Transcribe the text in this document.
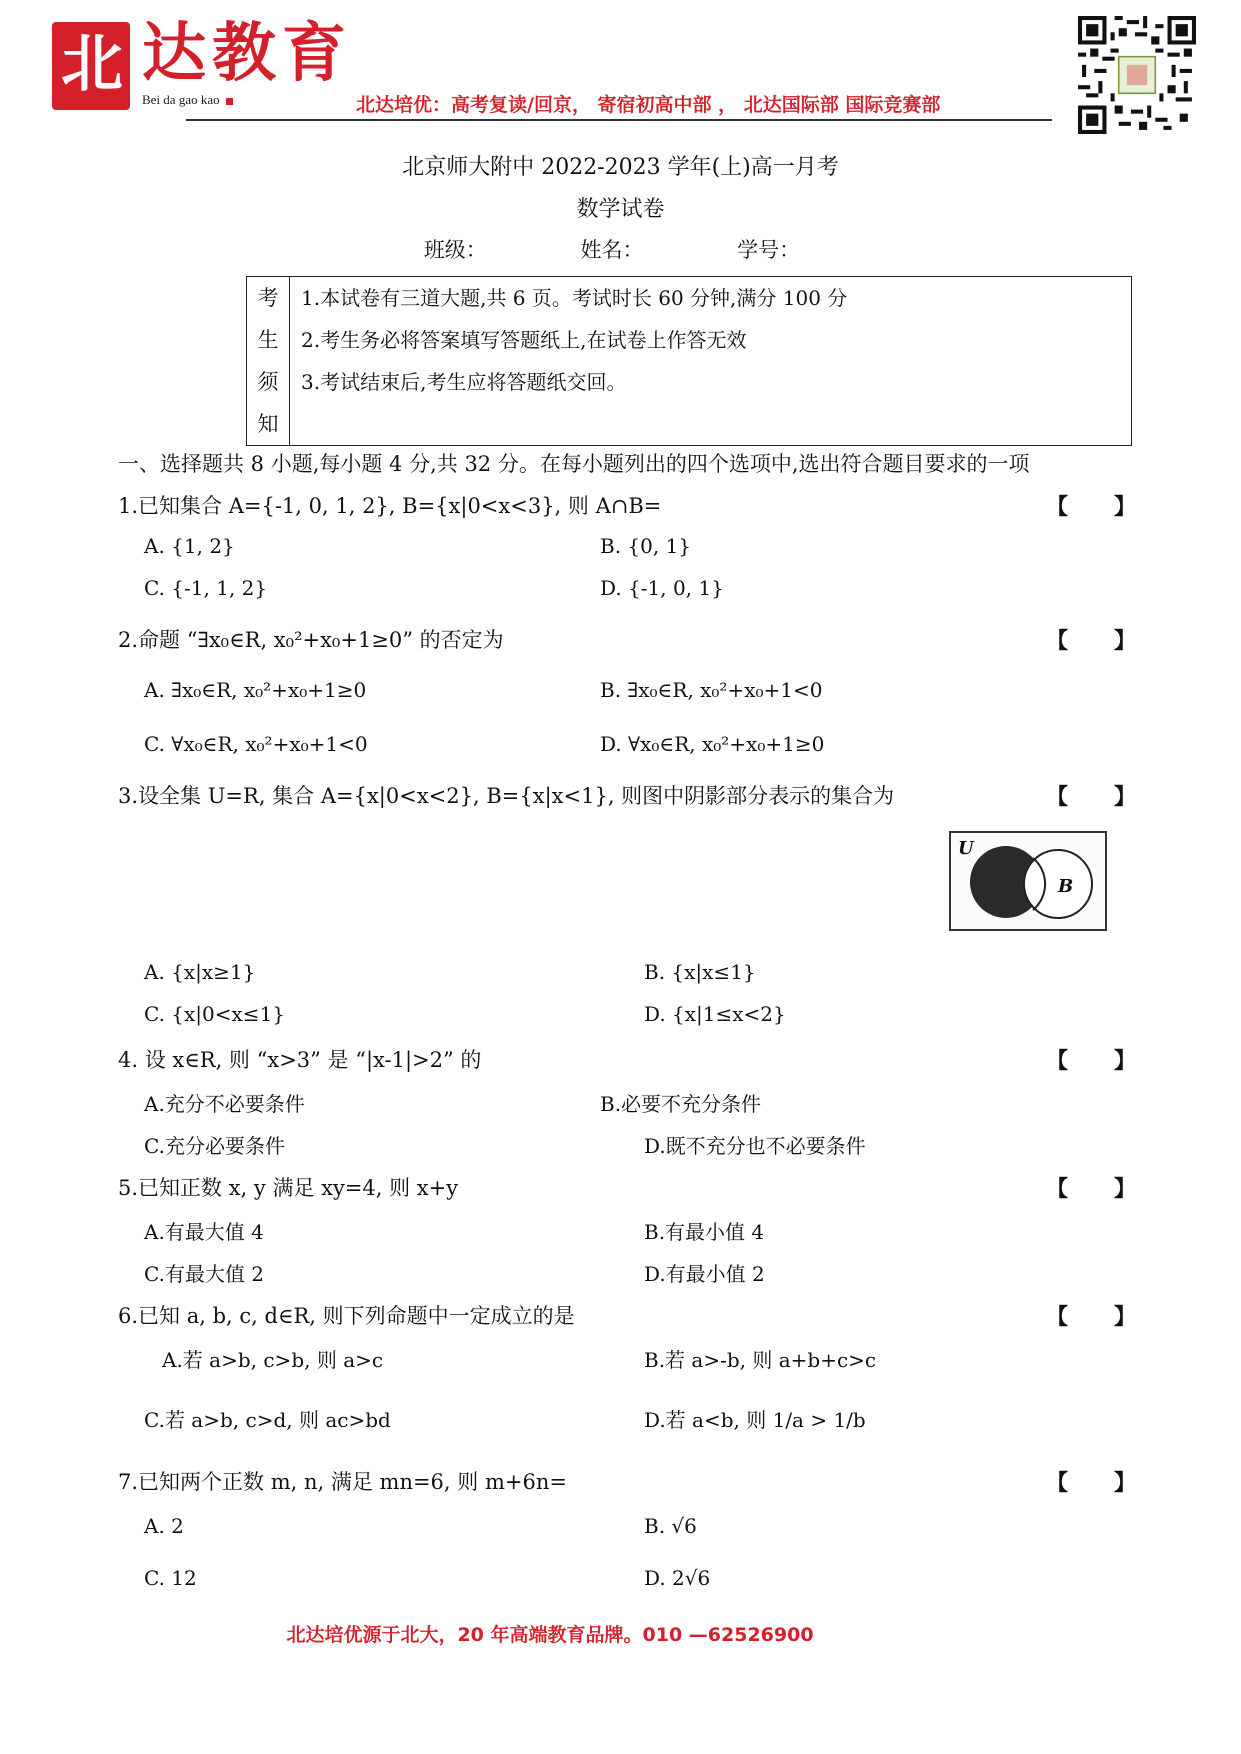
北 达教育
Bei da gao kao	北达培优：高考复读/回京， 寄宿初高中部 ， 北达国际部 国际竞赛部
北京师大附中 2022-2023 学年(上)高一月考
数学试卷
班级：	姓名：	学号：
考
生
须
知
1.本试卷有三道大题,共 6 页。考试时长 60 分钟,满分 100 分
2.考生务必将答案填写答题纸上,在试卷上作答无效
3.考试结束后,考生应将答题纸交回。
一、选择题共 8 小题,每小题 4 分,共 32 分。在每小题列出的四个选项中,选出符合题目要求的一项
1.已知集合 A={-1, 0, 1, 2}, B={x|0<x<3}, 则 A∩B=	【      】
A. {1, 2}	B. {0, 1}
C. {-1, 1, 2}	D. {-1, 0, 1}
2.命题 “∃x₀∈R, x₀²+x₀+1≥0” 的否定为	【      】
A. ∃x₀∈R, x₀²+x₀+1≥0	B. ∃x₀∈R, x₀²+x₀+1<0
C. ∀x₀∈R, x₀²+x₀+1<0	D. ∀x₀∈R, x₀²+x₀+1≥0
3.设全集 U=R, 集合 A={x|0<x<2}, B={x|x<1}, 则图中阴影部分表示的集合为	【      】
U
B
A. {x|x≥1}	B. {x|x≤1}
C. {x|0<x≤1}	D. {x|1≤x<2}
4. 设 x∈R, 则 “x>3” 是 “|x-1|>2” 的	【      】
A.充分不必要条件	B.必要不充分条件
C.充分必要条件	D.既不充分也不必要条件
5.已知正数 x, y 满足 xy=4, 则 x+y	【      】
A.有最大值 4	B.有最小值 4
C.有最大值 2	D.有最小值 2
6.已知 a, b, c, d∈R, 则下列命题中一定成立的是	【      】
A.若 a>b, c>b, 则 a>c	B.若 a>-b, 则 a+b+c>c
C.若 a>b, c>d, 则 ac>bd	D.若 a<b, 则 1/a > 1/b
7.已知两个正数 m, n, 满足 mn=6, 则 m+6n=	【      】
A. 2	B. √6
C. 12	D. 2√6
北达培优源于北大，20 年高端教育品牌。010 —62526900
